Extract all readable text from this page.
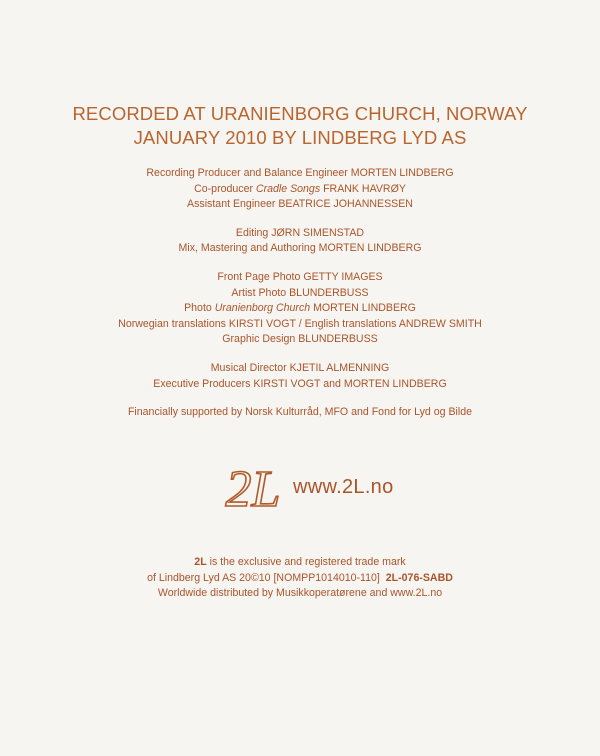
RECORDED AT URANIENBORG CHURCH, NORWAY
JANUARY 2010 BY LINDBERG LYD AS
Recording Producer and Balance Engineer MORTEN LINDBERG
Co-producer Cradle Songs FRANK HAVRØY
Assistant Engineer BEATRICE JOHANNESSEN
Editing JØRN SIMENSTAD
Mix, Mastering and Authoring MORTEN LINDBERG
Front Page Photo GETTY IMAGES
Artist Photo BLUNDERBUSS
Photo Uranienborg Church MORTEN LINDBERG
Norwegian translations KIRSTI VOGT / English translations ANDREW SMITH
Graphic Design BLUNDERBUSS
Musical Director KJETIL ALMENNING
Executive Producers KIRSTI VOGT and MORTEN LINDBERG
Financially supported by Norsk Kulturråd, MFO and Fond for Lyd og Bilde
2L www.2L.no
2L is the exclusive and registered trade mark
of Lindberg Lyd AS 20©10 [NOMPP1014010-110]  2L-076-SABD
Worldwide distributed by Musikkoperatørene and www.2L.no
